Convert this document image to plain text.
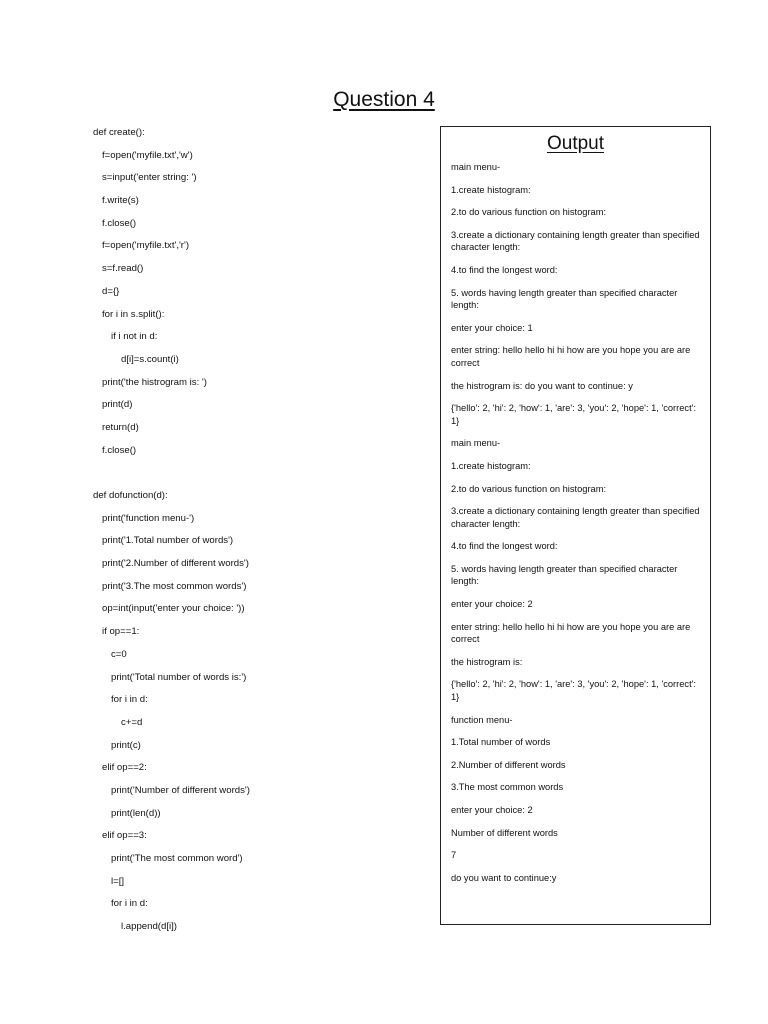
Question 4
def create():
f=open('myfile.txt','w')
s=input('enter string: ')
f.write(s)
f.close()
f=open('myfile.txt','r')
s=f.read()
d={}
for i in s.split():
if i not in d:
d[i]=s.count(i)
print('the histrogram is: ')
print(d)
return(d)
f.close()
def dofunction(d):
print('function menu-')
print('1.Total number of words')
print('2.Number of different words')
print('3.The most common words')
op=int(input('enter your choice: '))
if op==1:
c=0
print('Total number of words is:')
for i in d:
c+=d
print(c)
elif op==2:
print('Number of different words')
print(len(d))
elif op==3:
print('The most common word')
l=[]
for i in d:
l.append(d[i])
Output
main menu-
1.create histogram:
2.to do various function on histogram:
3.create a dictionary containing length greater than specified character length:
4.to find the longest word:
5. words having length greater than specified character length:
enter your choice: 1
enter string: hello hello hi hi how are you hope you are are correct
the histrogram is: do you want to continue: y
{'hello': 2, 'hi': 2, 'how': 1, 'are': 3, 'you': 2, 'hope': 1, 'correct': 1}
main menu-
1.create histogram:
2.to do various function on histogram:
3.create a dictionary containing length greater than specified character length:
4.to find the longest word:
5. words having length greater than specified character length:
enter your choice: 2
enter string: hello hello hi hi how are you hope you are are correct
the histrogram is:
{'hello': 2, 'hi': 2, 'how': 1, 'are': 3, 'you': 2, 'hope': 1, 'correct': 1}
function menu-
1.Total number of words
2.Number of different words
3.The most common words
enter your choice: 2
Number of different words
7
do you want to continue:y
